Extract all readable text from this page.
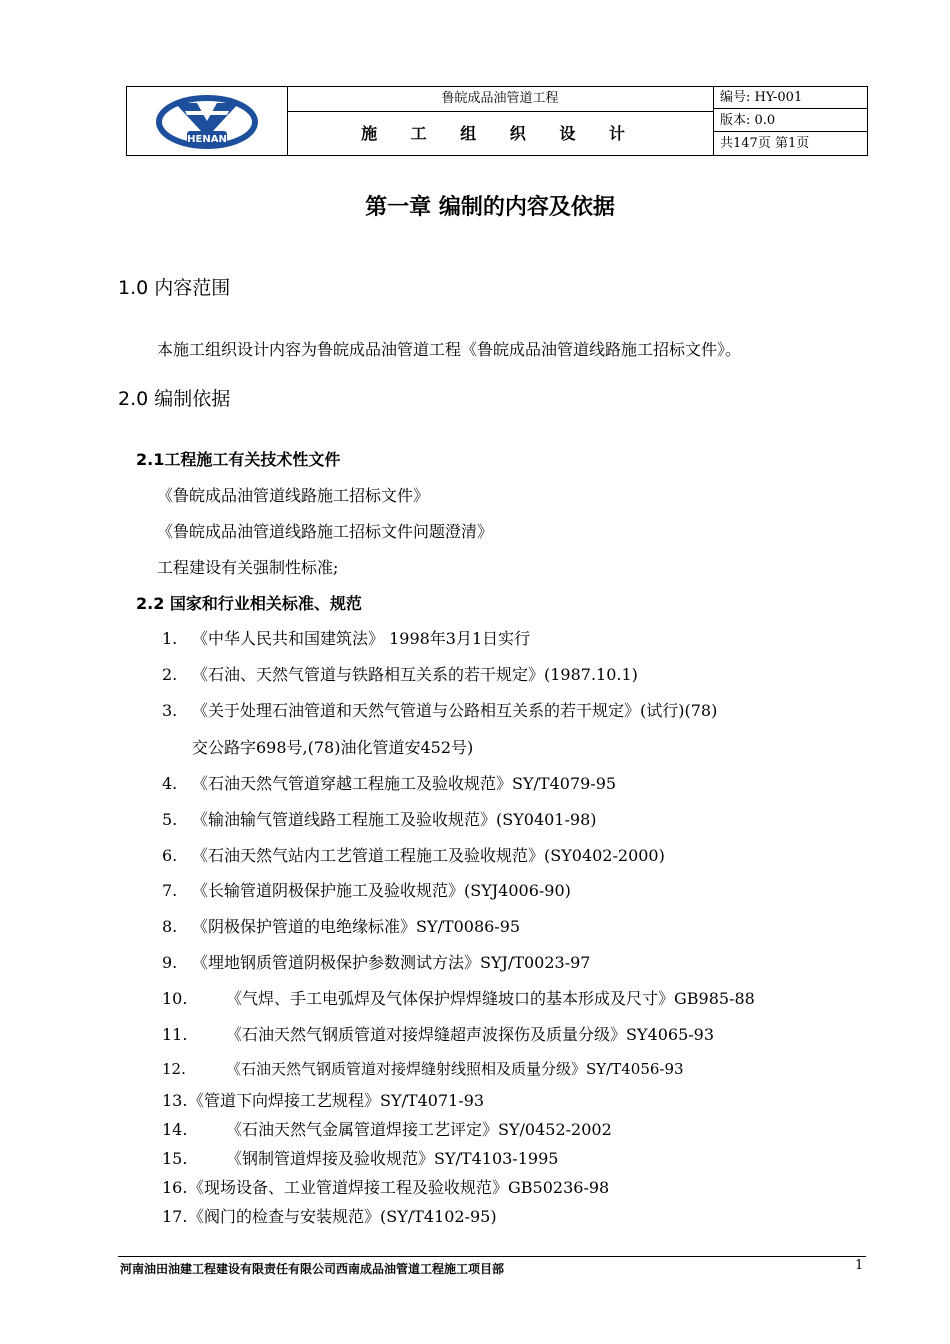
HENAN
鲁皖成品油管道工程
施 工 组 织 设 计
编号: HY-001
版本: 0.0
共147页 第1页
第一章 编制的内容及依据
1.0 内容范围
本施工组织设计内容为鲁皖成品油管道工程《鲁皖成品油管道线路施工招标文件》。
2.0 编制依据
2.1工程施工有关技术性文件
《鲁皖成品油管道线路施工招标文件》
《鲁皖成品油管道线路施工招标文件问题澄清》
工程建设有关强制性标准;
2.2 国家和行业相关标准、规范
1. 《中华人民共和国建筑法》 1998年3月1日实行
2. 《石油、天然气管道与铁路相互关系的若干规定》(1987.10.1)
3. 《关于处理石油管道和天然气管道与公路相互关系的若干规定》(试行)(78)
交公路字698号,(78)油化管道安452号)
4. 《石油天然气管道穿越工程施工及验收规范》SY/T4079-95
5. 《输油输气管道线路工程施工及验收规范》(SY0401-98)
6. 《石油天然气站内工艺管道工程施工及验收规范》(SY0402-2000)
7. 《长输管道阴极保护施工及验收规范》(SYJ4006-90)
8. 《阴极保护管道的电绝缘标准》SY/T0086-95
9. 《埋地钢质管道阴极保护参数测试方法》SYJ/T0023-97
10. 《气焊、手工电弧焊及气体保护焊焊缝坡口的基本形成及尺寸》GB985-88
11. 《石油天然气钢质管道对接焊缝超声波探伤及质量分级》SY4065-93
12.	《石油天然气钢质管道对接焊缝射线照相及质量分级》SY/T4056-93
13.《管道下向焊接工艺规程》SY/T4071-93
14. 《石油天然气金属管道焊接工艺评定》SY/0452-2002
15. 《钢制管道焊接及验收规范》SY/T4103-1995
16.《现场设备、工业管道焊接工程及验收规范》GB50236-98
17.《阀门的检查与安装规范》(SY/T4102-95)
河南油田油建工程建设有限责任有限公司西南成品油管道工程施工项目部	1
